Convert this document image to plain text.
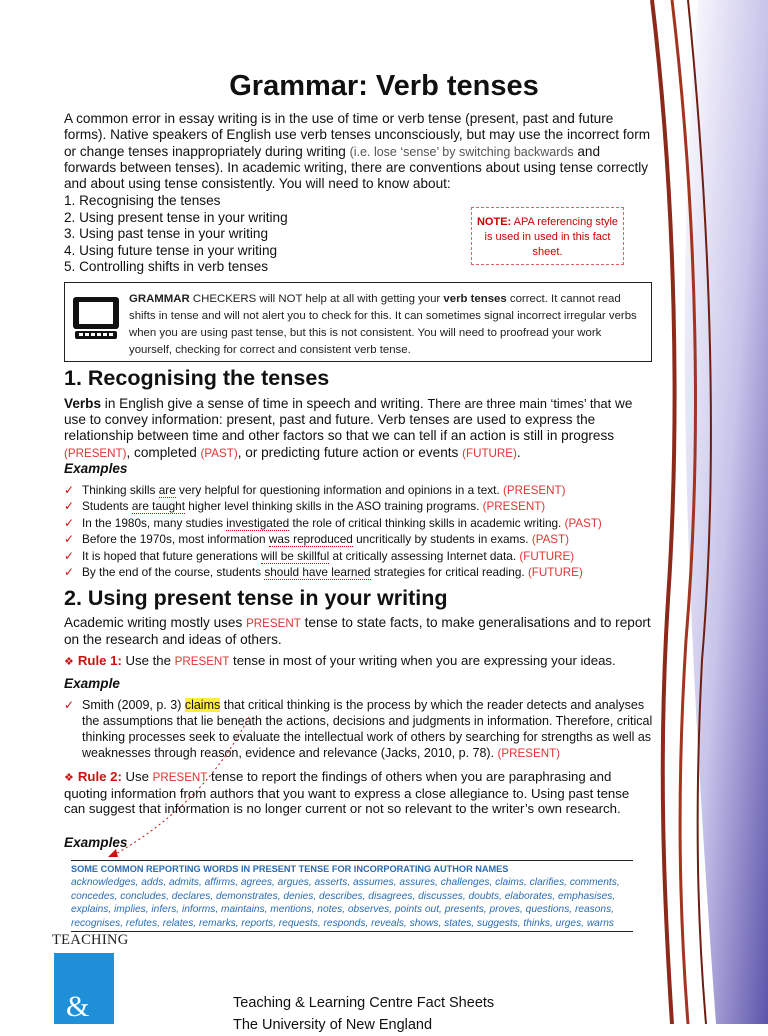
Grammar: Verb tenses

A common error in essay writing is in the use of time or verb tense (present, past and future forms). Native speakers of English use verb tenses unconsciously, but may use the incorrect form or change tenses inappropriately during writing (i.e. lose ‘sense’ by switching backwards and forwards between tenses). In academic writing, there are conventions about using tense correctly and about using tense consistently. You will need to know about:

1. Recognising the tenses
2. Using present tense in your writing
3. Using past tense in your writing
4. Using future tense in your writing
5. Controlling shifts in verb tenses
NOTE: APA referencing style is used in used in this fact sheet.

GRAMMAR CHECKERS will NOT help at all with getting your verb tenses correct. It cannot read shifts in tense and will not alert you to check for this. It can sometimes signal incorrect irregular verbs when you are using past tense, but this is not consistent. You will need to proofread your work yourself, checking for correct and consistent verb tense.

1. Recognising the tenses

Verbs in English give a sense of time in speech and writing. There are three main ‘times’ that we use to convey information: present, past and future. Verb tenses are used to express the relationship between time and other factors so that we can tell if an action is still in progress (PRESENT), completed (PAST), or predicting future action or events (FUTURE).

Examples

✓ Thinking skills are very helpful for questioning information and opinions in a text. (PRESENT)
✓ Students are taught higher level thinking skills in the ASO training programs. (PRESENT)
✓ In the 1980s, many studies investigated the role of critical thinking skills in academic writing. (PAST)
✓ Before the 1970s, most information was reproduced uncritically by students in exams. (PAST)
✓ It is hoped that future generations will be skillful at critically assessing Internet data. (FUTURE)
✓ By the end of the course, students should have learned strategies for critical reading. (FUTURE)
2. Using present tense in your writing

Academic writing mostly uses PRESENT tense to state facts, to make generalisations and to report on the research and ideas of others.

❖ Rule 1: Use the PRESENT tense in most of your writing when you are expressing your ideas.

Example

✓ Smith (2009, p. 3) claims that critical thinking is the process by which the reader detects and analyses the assumptions that lie beneath the actions, decisions and judgments in information. Therefore, critical thinking processes seek to evaluate the intellectual work of others by searching for strengths as well as weaknesses through reason, evidence and relevance (Jacks, 2010, p. 78). (PRESENT)

❖ Rule 2: Use PRESENT tense to report the findings of others when you are paraphrasing and quoting information from authors that you want to express a close allegiance to. Using past tense can suggest that information is no longer current or not so relevant to the writer’s own research.

Examples

SOME COMMON REPORTING WORDS IN PRESENT TENSE FOR INCORPORATING AUTHOR NAMES

acknowledges, adds, admits, affirms, agrees, argues, asserts, assumes, assures, challenges, claims, clarifies, comments, concedes, concludes, declares, demonstrates, denies, describes, disagrees, discusses, doubts, elaborates, emphasises, explains, implies, infers, informs, maintains, mentions, notes, observes, points out, presents, proves, questions, reasons, recognises, refutes, relates, remarks, reports, requests, responds, reveals, shows, states, suggests, thinks, urges, warns

TEACHING
&	Teaching & Learning Centre Fact Sheets
The University of New England
